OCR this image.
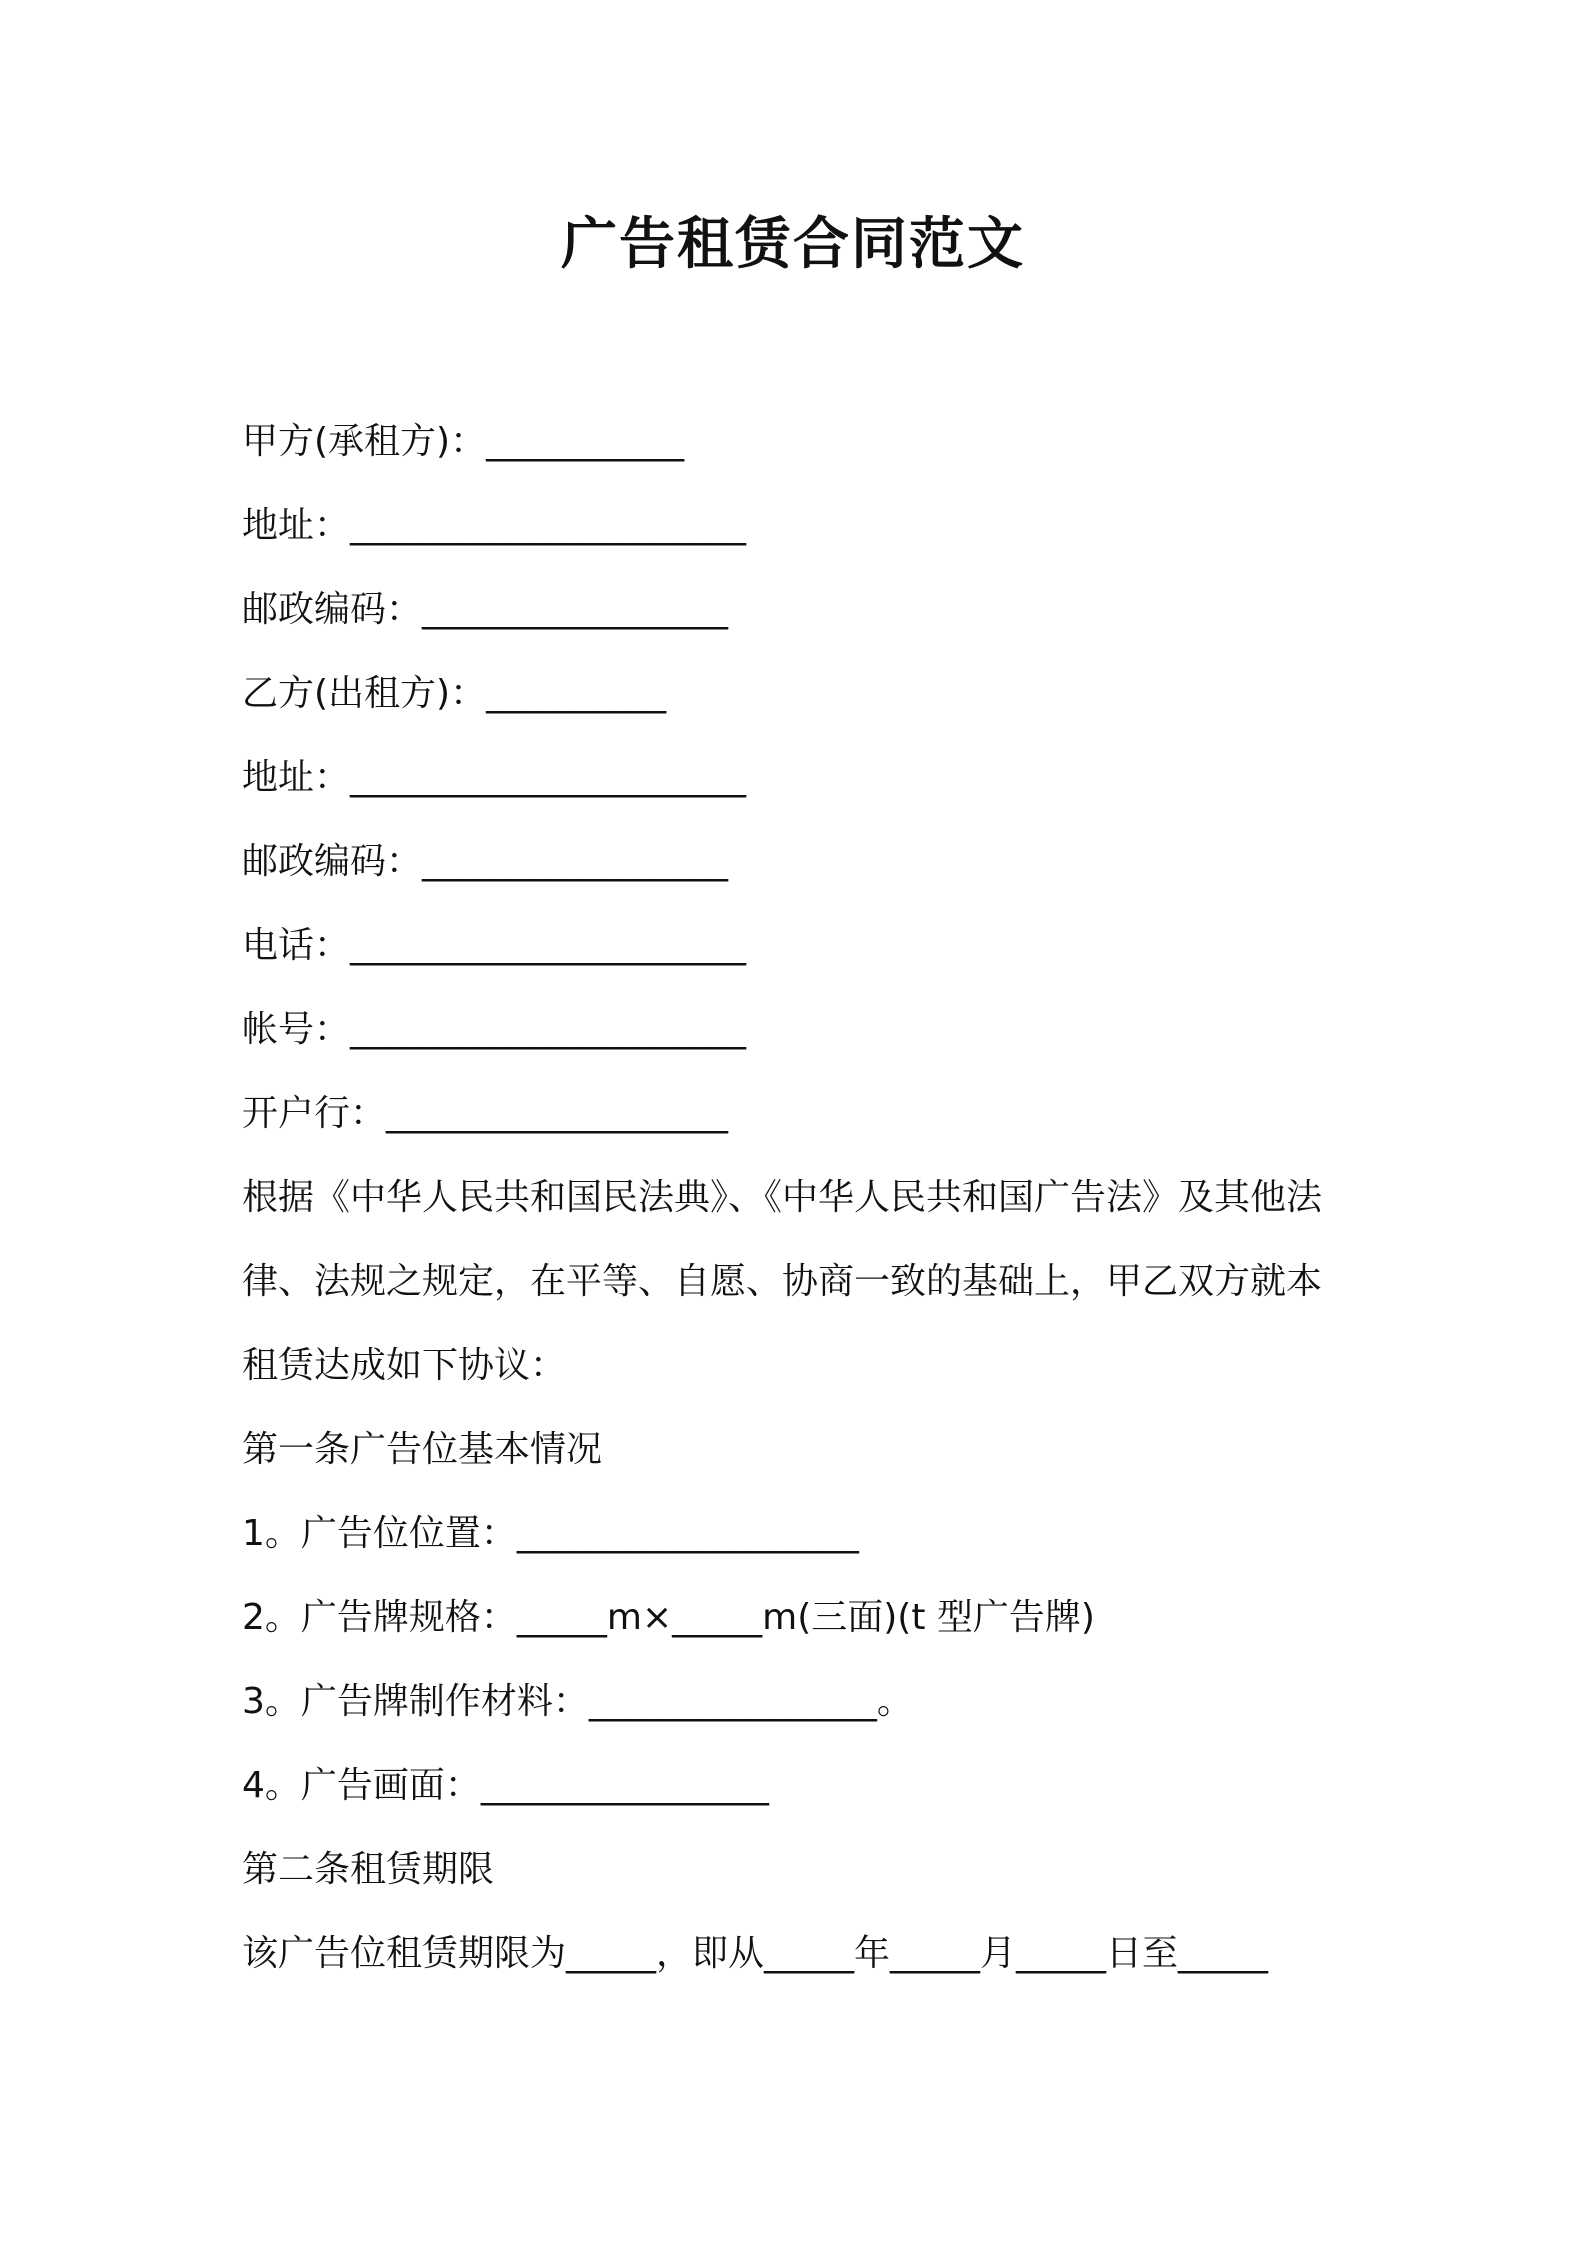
广告租赁合同范文

甲方(承租方)：___________

地址：______________________

邮政编码：_________________

乙方(出租方)：__________

地址：______________________

邮政编码：_________________

电话：______________________

帐号：______________________

开户行：___________________

根据《中华人民共和国民法典》、《中华人民共和国广告法》及其他法

律、法规之规定，在平等、自愿、协商一致的基础上，甲乙双方就本

租赁达成如下协议：

第一条广告位基本情况

1。广告位位置：___________________

2。广告牌规格：_____m×_____m(三面)(t 型广告牌)

3。广告牌制作材料：________________。

4。广告画面：________________

第二条租赁期限

该广告位租赁期限为_____，即从_____年_____月_____日至_____
